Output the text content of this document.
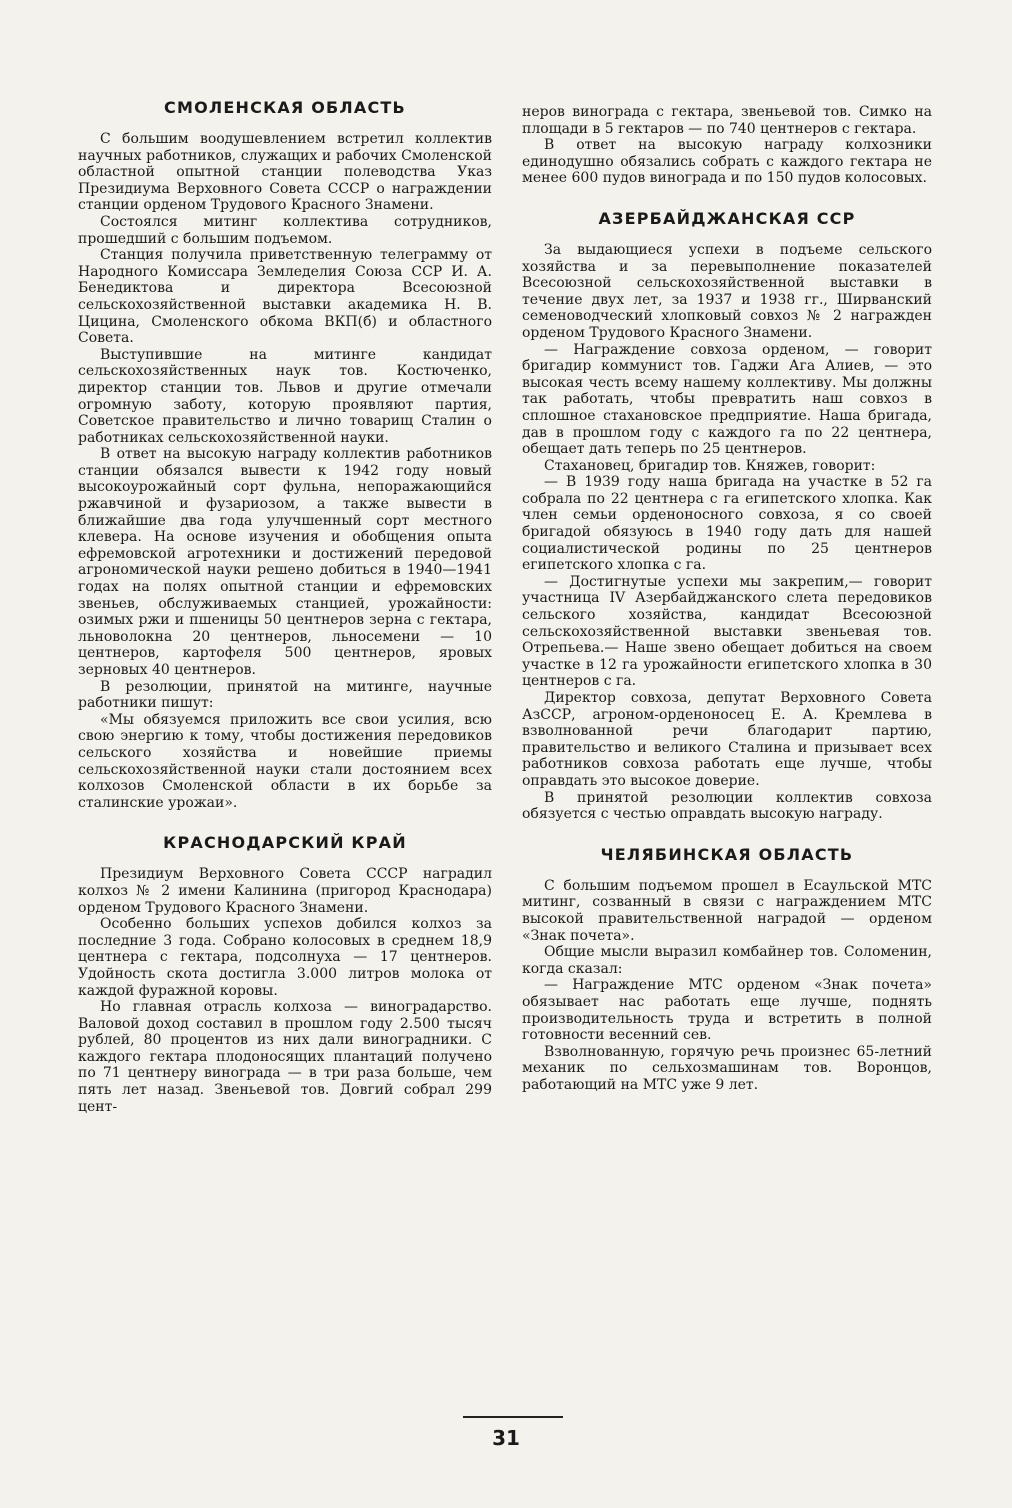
СМОЛЕНСКАЯ ОБЛАСТЬ

С большим воодушевлением встретил коллектив научных работников, служащих и рабочих Смоленской областной опытной станции полеводства Указ Президиума Верховного Совета СССР о награждении станции орденом Трудового Красного Знамени.

Состоялся митинг коллектива сотрудников, прошедший с большим подъемом.

Станция получила приветственную телеграмму от Народного Комиссара Земледелия Союза ССР И. А. Бенедиктова и директора Всесоюзной сельскохозяйственной выставки академика Н. В. Цицина, Смоленского обкома ВКП(б) и областного Совета.

Выступившие на митинге кандидат сельскохозяйственных наук тов. Костюченко, директор станции тов. Львов и другие отмечали огромную заботу, которую проявляют партия, Советское правительство и лично товарищ Сталин о работниках сельскохозяйственной науки.

В ответ на высокую награду коллектив работников станции обязался вывести к 1942 году новый высокоурожайный сорт фульна, непоражающийся ржавчиной и фузариозом, а также вывести в ближайшие два года улучшенный сорт местного клевера. На основе изучения и обобщения опыта ефремовской агротехники и достижений передовой агрономической науки решено добиться в 1940—1941 годах на полях опытной станции и ефремовских звеньев, обслуживаемых станцией, урожайности: озимых ржи и пшеницы 50 центнеров зерна с гектара, льноволокна 20 центнеров, льносемени — 10 центнеров, картофеля 500 центнеров, яровых зерновых 40 центнеров.

В резолюции, принятой на митинге, научные работники пишут:

«Мы обязуемся приложить все свои усилия, всю свою энергию к тому, чтобы достижения передовиков сельского хозяйства и новейшие приемы сельскохозяйственной науки стали достоянием всех колхозов Смоленской области в их борьбе за сталинские урожаи».

КРАСНОДАРСКИЙ КРАЙ

Президиум Верховного Совета СССР наградил колхоз № 2 имени Калинина (пригород Краснодара) орденом Трудового Красного Знамени.

Особенно больших успехов добился колхоз за последние 3 года. Собрано колосовых в среднем 18,9 центнера с гектара, подсолнуха — 17 центнеров. Удойность скота достигла 3.000 литров молока от каждой фуражной коровы.

Но главная отрасль колхоза — виноградарство. Валовой доход составил в прошлом году 2.500 тысяч рублей, 80 процентов из них дали виноградники. С каждого гектара плодоносящих плантаций получено по 71 центнеру винограда — в три раза больше, чем пять лет назад. Звеньевой тов. Довгий собрал 299 цент-

неров винограда с гектара, звеньевой тов. Симко на площади в 5 гектаров — по 740 центнеров с гектара.

В ответ на высокую награду колхозники единодушно обязались собрать с каждого гектара не менее 600 пудов винограда и по 150 пудов колосовых.

АЗЕРБАЙДЖАНСКАЯ ССР

За выдающиеся успехи в подъеме сельского хозяйства и за перевыполнение показателей Всесоюзной сельскохозяйственной выставки в течение двух лет, за 1937 и 1938 гг., Ширванский семеноводческий хлопковый совхоз № 2 награжден орденом Трудового Красного Знамени.

— Награждение совхоза орденом, — говорит бригадир коммунист тов. Гаджи Ага Алиев, — это высокая честь всему нашему коллективу. Мы должны так работать, чтобы превратить наш совхоз в сплошное стахановское предприятие. Наша бригада, дав в прошлом году с каждого га по 22 центнера, обещает дать теперь по 25 центнеров.

Стахановец, бригадир тов. Княжев, говорит:

— В 1939 году наша бригада на участке в 52 га собрала по 22 центнера с га египетского хлопка. Как член семьи орденоносного совхоза, я со своей бригадой обязуюсь в 1940 году дать для нашей социалистической родины по 25 центнеров египетского хлопка с га.

— Достигнутые успехи мы закрепим,— говорит участница IV Азербайджанского слета передовиков сельского хозяйства, кандидат Всесоюзной сельскохозяйственной выставки звеньевая тов. Отрепьева.— Наше звено обещает добиться на своем участке в 12 га урожайности египетского хлопка в 30 центнеров с га.

Директор совхоза, депутат Верховного Совета АзССР, агроном-орденоносец Е. А. Кремлева в взволнованной речи благодарит партию, правительство и великого Сталина и призывает всех работников совхоза работать еще лучше, чтобы оправдать это высокое доверие.

В принятой резолюции коллектив совхоза обязуется с честью оправдать высокую награду.

ЧЕЛЯБИНСКАЯ ОБЛАСТЬ

С большим подъемом прошел в Есаульской МТС митинг, созванный в связи с награждением МТС высокой правительственной наградой — орденом «Знак почета».

Общие мысли выразил комбайнер тов. Соломенин, когда сказал:

— Награждение МТС орденом «Знак почета» обязывает нас работать еще лучше, поднять производительность труда и встретить в полной готовности весенний сев.

Взволнованную, горячую речь произнес 65-летний механик по сельхозмашинам тов. Воронцов, работающий на МТС уже 9 лет.

31
